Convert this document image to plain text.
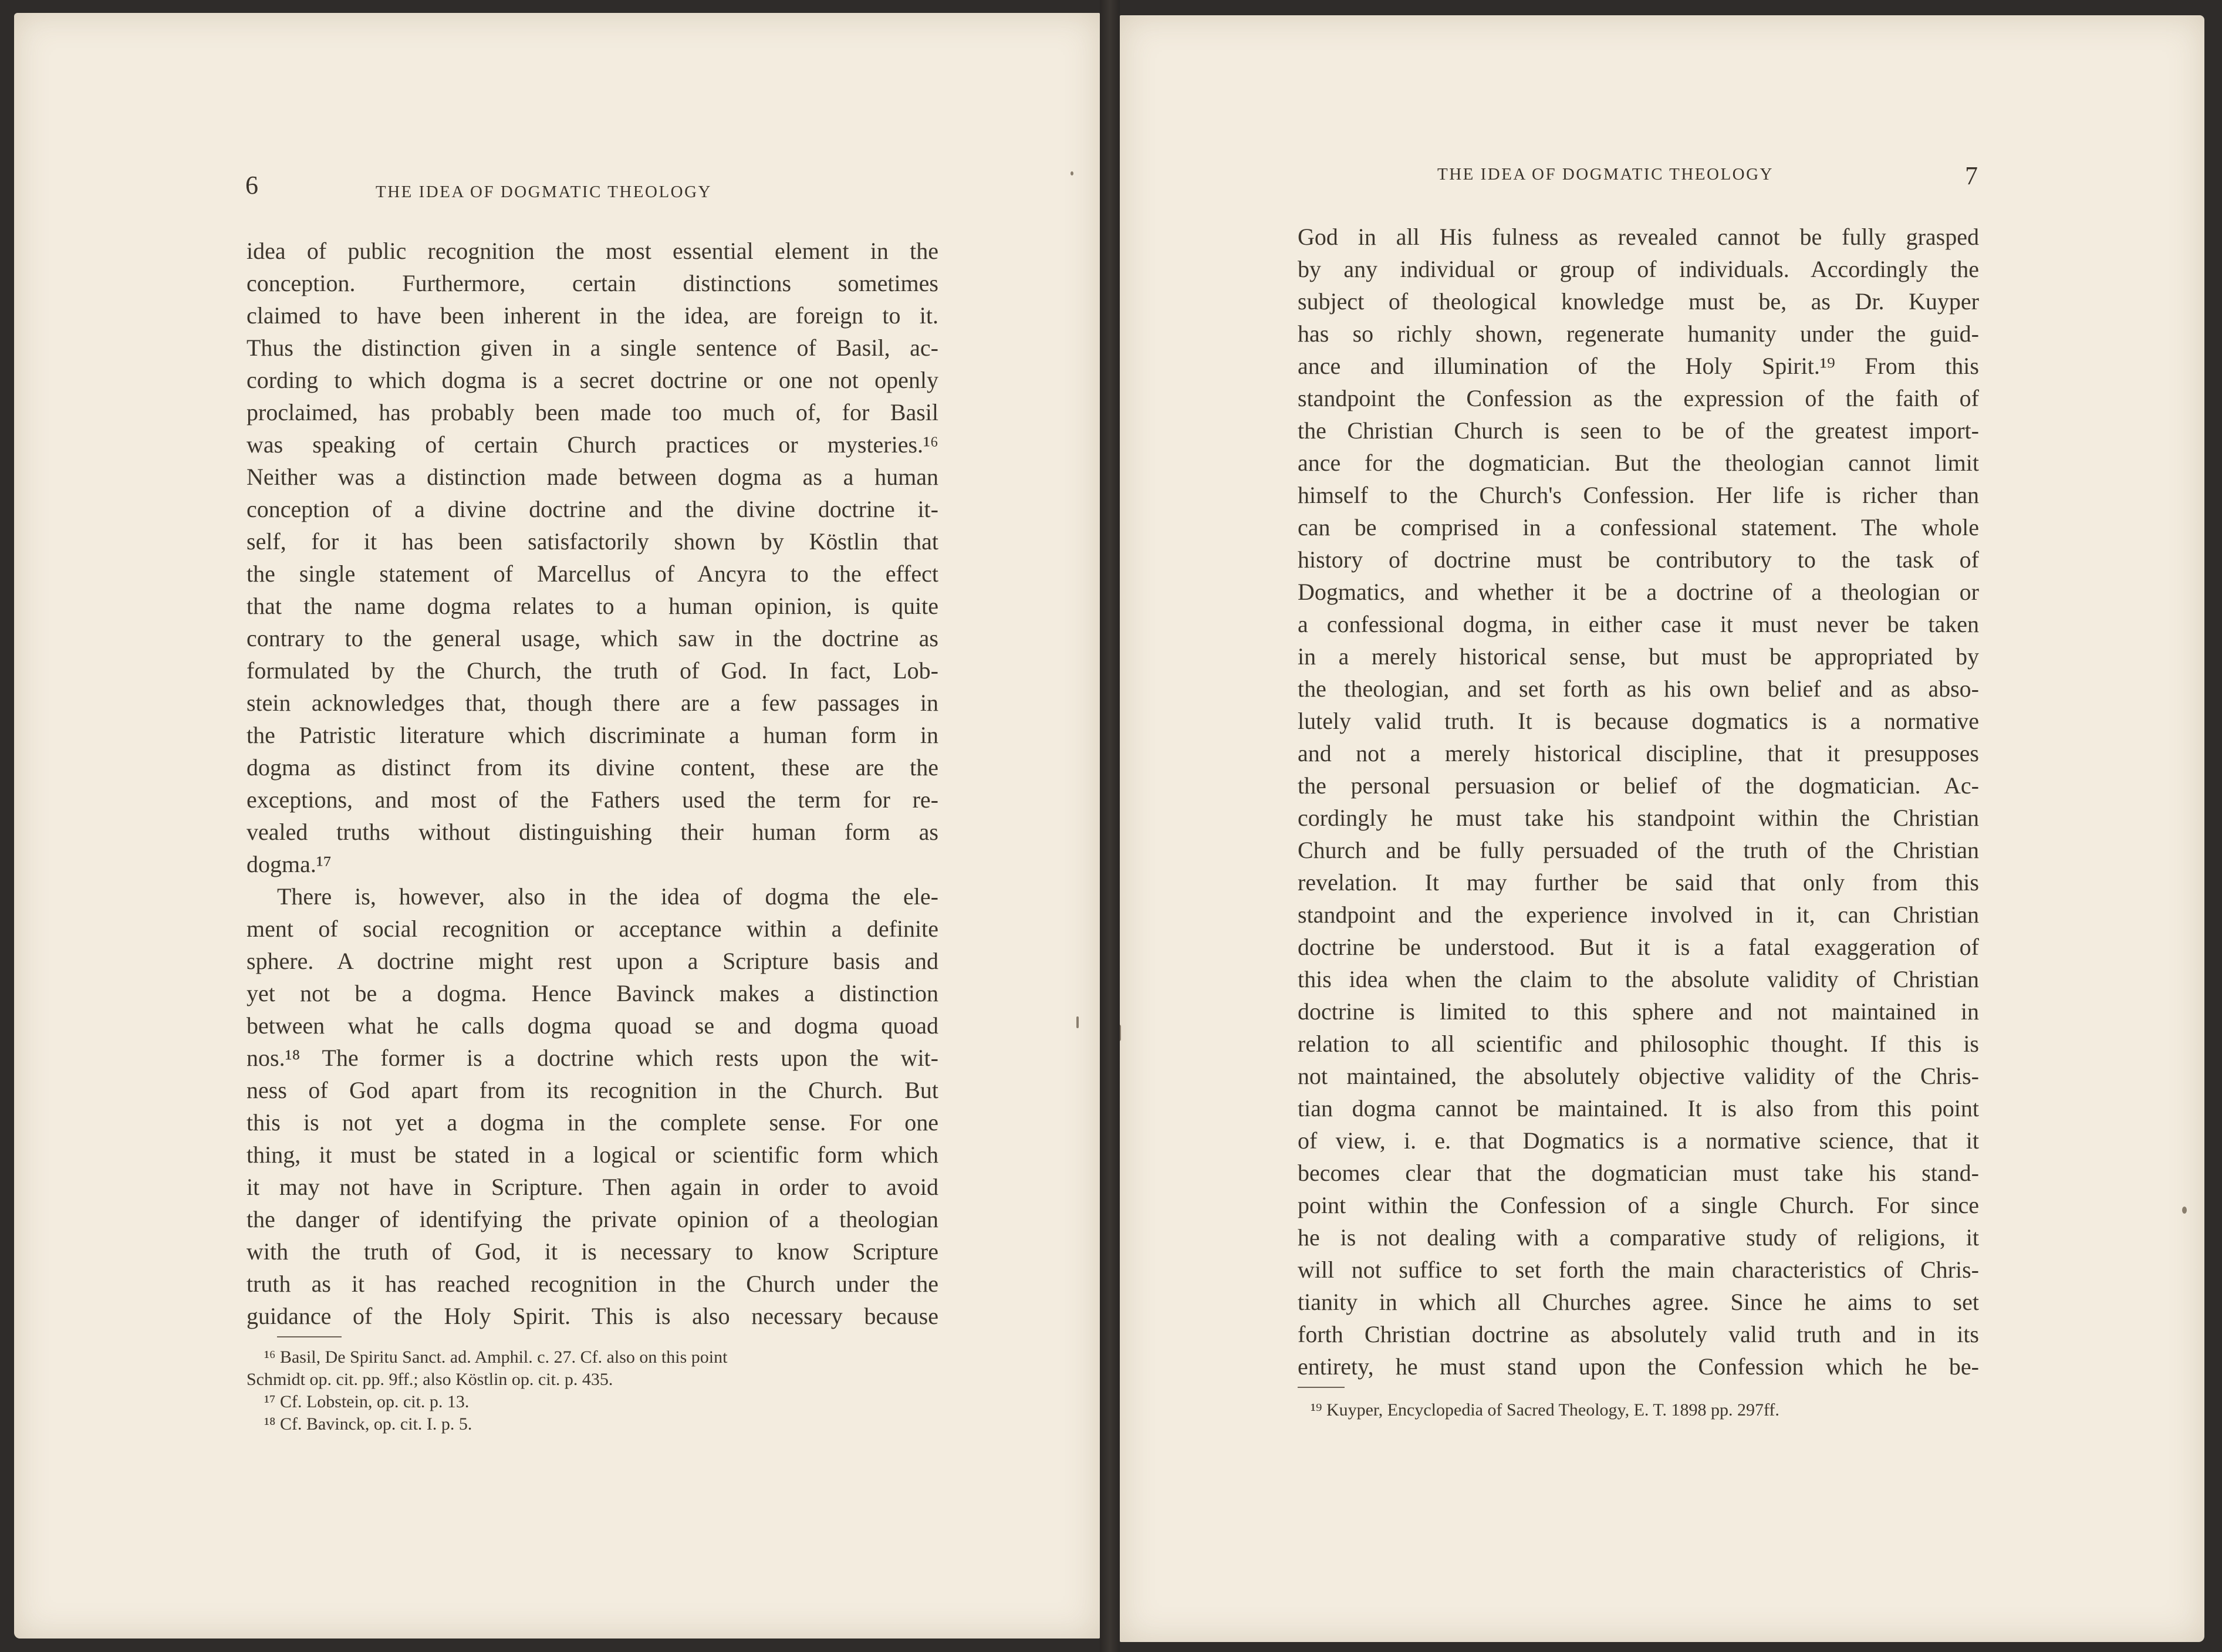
6	THE IDEA OF DOGMATIC THEOLOGY
idea of public recognition the most essential element in the
conception. Furthermore, certain distinctions sometimes
claimed to have been inherent in the idea, are foreign to it.
Thus the distinction given in a single sentence of Basil, ac-
cording to which dogma is a secret doctrine or one not openly
proclaimed, has probably been made too much of, for Basil
was speaking of certain Church practices or mysteries.¹⁶
Neither was a distinction made between dogma as a human
conception of a divine doctrine and the divine doctrine it-
self, for it has been satisfactorily shown by Köstlin that
the single statement of Marcellus of Ancyra to the effect
that the name dogma relates to a human opinion, is quite
contrary to the general usage, which saw in the doctrine as
formulated by the Church, the truth of God. In fact, Lob-
stein acknowledges that, though there are a few passages in
the Patristic literature which discriminate a human form in
dogma as distinct from its divine content, these are the
exceptions, and most of the Fathers used the term for re-
vealed truths without distinguishing their human form as
dogma.¹⁷
There is, however, also in the idea of dogma the ele-
ment of social recognition or acceptance within a definite
sphere. A doctrine might rest upon a Scripture basis and
yet not be a dogma. Hence Bavinck makes a distinction
between what he calls dogma quoad se and dogma quoad
nos.¹⁸ The former is a doctrine which rests upon the wit-
ness of God apart from its recognition in the Church. But
this is not yet a dogma in the complete sense. For one
thing, it must be stated in a logical or scientific form which
it may not have in Scripture. Then again in order to avoid
the danger of identifying the private opinion of a theologian
with the truth of God, it is necessary to know Scripture
truth as it has reached recognition in the Church under the
guidance of the Holy Spirit. This is also necessary because
¹⁶ Basil, De Spiritu Sanct. ad. Amphil. c. 27. Cf. also on this point
Schmidt op. cit. pp. 9ff.; also Köstlin op. cit. p. 435.
¹⁷ Cf. Lobstein, op. cit. p. 13.
¹⁸ Cf. Bavinck, op. cit. I. p. 5.
THE IDEA OF DOGMATIC THEOLOGY	7
God in all His fulness as revealed cannot be fully grasped
by any individual or group of individuals. Accordingly the
subject of theological knowledge must be, as Dr. Kuyper
has so richly shown, regenerate humanity under the guid-
ance and illumination of the Holy Spirit.¹⁹ From this
standpoint the Confession as the expression of the faith of
the Christian Church is seen to be of the greatest import-
ance for the dogmatician. But the theologian cannot limit
himself to the Church's Confession. Her life is richer than
can be comprised in a confessional statement. The whole
history of doctrine must be contributory to the task of
Dogmatics, and whether it be a doctrine of a theologian or
a confessional dogma, in either case it must never be taken
in a merely historical sense, but must be appropriated by
the theologian, and set forth as his own belief and as abso-
lutely valid truth. It is because dogmatics is a normative
and not a merely historical discipline, that it presupposes
the personal persuasion or belief of the dogmatician. Ac-
cordingly he must take his standpoint within the Christian
Church and be fully persuaded of the truth of the Christian
revelation. It may further be said that only from this
standpoint and the experience involved in it, can Christian
doctrine be understood. But it is a fatal exaggeration of
this idea when the claim to the absolute validity of Christian
doctrine is limited to this sphere and not maintained in
relation to all scientific and philosophic thought. If this is
not maintained, the absolutely objective validity of the Chris-
tian dogma cannot be maintained. It is also from this point
of view, i. e. that Dogmatics is a normative science, that it
becomes clear that the dogmatician must take his stand-
point within the Confession of a single Church. For since
he is not dealing with a comparative study of religions, it
will not suffice to set forth the main characteristics of Chris-
tianity in which all Churches agree. Since he aims to set
forth Christian doctrine as absolutely valid truth and in its
entirety, he must stand upon the Confession which he be-
¹⁹ Kuyper, Encyclopedia of Sacred Theology, E. T. 1898 pp. 297ff.
